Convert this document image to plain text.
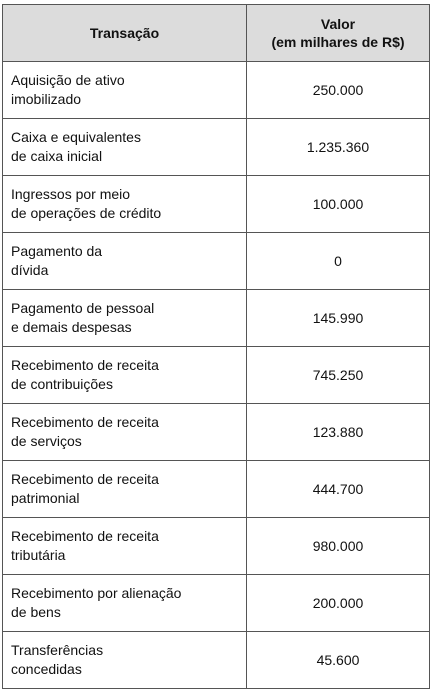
Transação	Valor
(em milhares de R$)

Aquisição de ativo
imobilizado	250.000

Caixa e equivalentes
de caixa inicial	1.235.360

Ingressos por meio
de operações de crédito	100.000

Pagamento da
dívida	0

Pagamento de pessoal
e demais despesas	145.990

Recebimento de receita
de contribuições	745.250

Recebimento de receita
de serviços	123.880

Recebimento de receita
patrimonial	444.700

Recebimento de receita
tributária	980.000

Recebimento por alienação
de bens	200.000

Transferências
concedidas	45.600
